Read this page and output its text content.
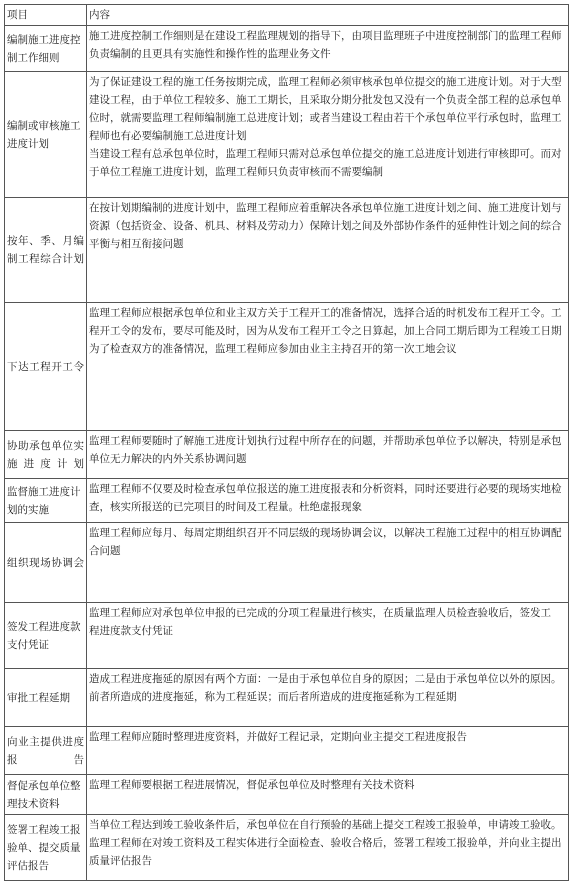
项目	内容
编制施工进度控制工作细则	施工进度控制工作细则是在建设工程监理规划的指导下，由项目监理班子中进度控制部门的监理工程师负责编制的且更具有实施性和操作性的监理业务文件

编制或审核施工进度计划	为了保证建设工程的施工任务按期完成，监理工程师必须审核承包单位提交的施工进度计划。对于大型建设工程，由于单位工程较多、施工工期长，且采取分期分批发包又没有一个负责全部工程的总承包单位时，就需要监理工程师编制施工总进度计划；或者当建设工程由若干个承包单位平行承包时，监理工程师也有必要编制施工总进度计划
当建设工程有总承包单位时，监理工程师只需对总承包单位提交的施工总进度计划进行审核即可。而对于单位工程施工进度计划，监理工程师只负责审核而不需要编制

按年、季、月编制工程综合计划	在按计划期编制的进度计划中，监理工程师应着重解决各承包单位施工进度计划之间、施工进度计划与资源（包括资金、设备、机具、材料及劳动力）保障计划之间及外部协作条件的延伸性计划之间的综合平衡与相互衔接问题

下达工程开工令	监理工程师应根据承包单位和业主双方关于工程开工的准备情况，选择合适的时机发布工程开工令。工程开工令的发布，要尽可能及时，因为从发布工程开工令之日算起，加上合同工期后即为工程竣工日期
为了检查双方的准备情况，监理工程师应参加由业主主持召开的第一次工地会议

协助承包单位实施进度计划	监理工程师要随时了解施工进度计划执行过程中所存在的问题，并帮助承包单位予以解决，特别是承包单位无力解决的内外关系协调问题

监督施工进度计划的实施	监理工程师不仅要及时检查承包单位报送的施工进度报表和分析资料，同时还要进行必要的现场实地检查，核实所报送的已完项目的时间及工程量。杜绝虚报现象

组织现场协调会	监理工程师应每月、每周定期组织召开不同层级的现场协调会议，以解决工程施工过程中的相互协调配合问题

签发工程进度款支付凭证	监理工程师应对承包单位申报的已完成的分项工程量进行核实，在质量监理人员检查验收后，签发工
程进度款支付凭证

审批工程延期	造成工程进度拖延的原因有两个方面：一是由于承包单位自身的原因；二是由于承包单位以外的原因。前者所造成的进度拖延，称为工程延误；而后者所造成的进度拖延称为工程延期

向业主提供进度报告	监理工程师应随时整理进度资料，并做好工程记录，定期向业主提交工程进度报告

督促承包单位整理技术资料	监理工程师要根据工程进展情况，督促承包单位及时整理有关技术资料

签署工程竣工报验单、提交质量评估报告	当单位工程达到竣工验收条件后，承包单位在自行预验的基础上提交工程竣工报验单，申请竣工验收。监理工程师在对竣工资料及工程实体进行全面检查、验收合格后，签署工程竣工报验单，并向业主提出质量评估报告
